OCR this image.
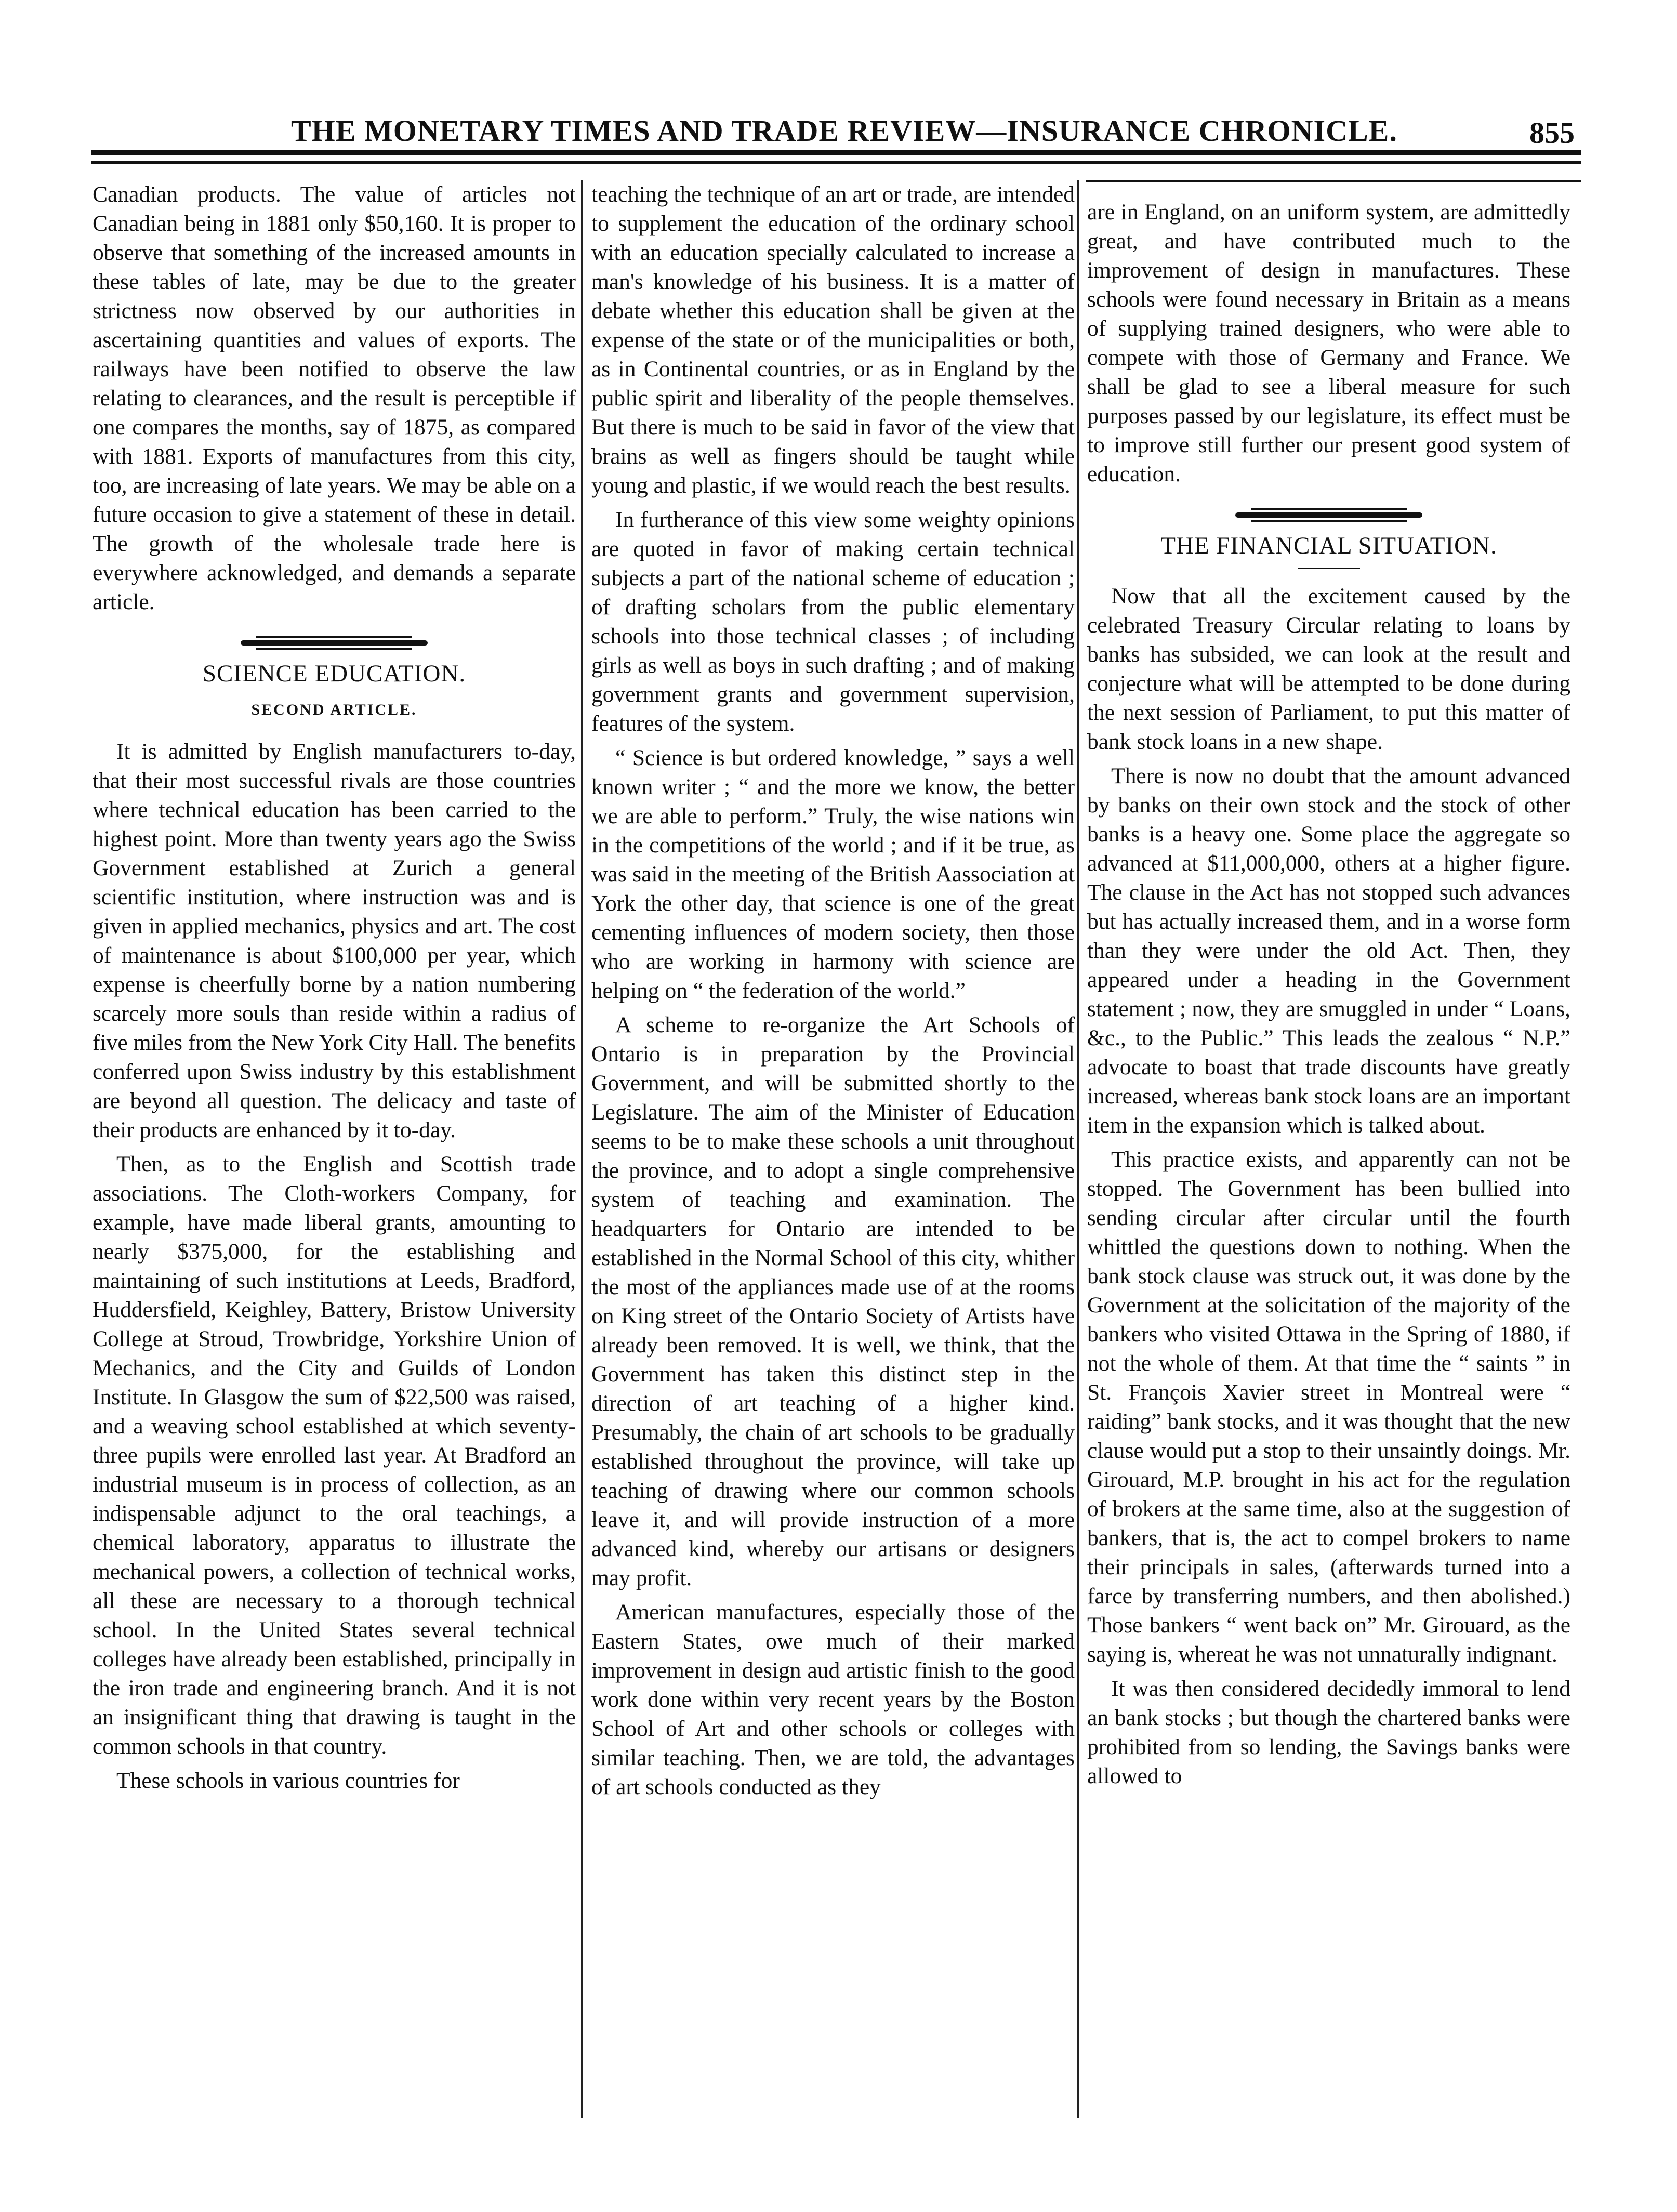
THE MONETARY TIMES AND TRADE REVIEW—INSURANCE CHRONICLE.	855

Canadian products. The value of articles not Canadian being in 1881 only $50,160. It is proper to observe that something of the increased amounts in these tables of late, may be due to the greater strictness now observed by our authorities in ascertaining quantities and values of exports. The railways have been notified to observe the law relating to clearances, and the result is perceptible if one compares the months, say of 1875, as compared with 1881. Exports of manufactures from this city, too, are increasing of late years. We may be able on a future occasion to give a statement of these in detail. The growth of the wholesale trade here is everywhere acknowledged, and demands a separate article.

SCIENCE EDUCATION.
SECOND ARTICLE.

It is admitted by English manufacturers to-day, that their most successful rivals are those countries where technical education has been carried to the highest point. More than twenty years ago the Swiss Government established at Zurich a general scientific institution, where instruction was and is given in applied mechanics, physics and art. The cost of maintenance is about $100,000 per year, which expense is cheerfully borne by a nation numbering scarcely more souls than reside within a radius of five miles from the New York City Hall. The benefits conferred upon Swiss industry by this establishment are beyond all question. The delicacy and taste of their products are enhanced by it to-day.

Then, as to the English and Scottish trade associations. The Cloth-workers Company, for example, have made liberal grants, amounting to nearly $375,000, for the establishing and maintaining of such institutions at Leeds, Bradford, Huddersfield, Keighley, Battery, Bristow University College at Stroud, Trowbridge, Yorkshire Union of Mechanics, and the City and Guilds of London Institute. In Glasgow the sum of $22,500 was raised, and a weaving school established at which seventy-three pupils were enrolled last year. At Bradford an industrial museum is in process of collection, as an indispensable adjunct to the oral teachings, a chemical laboratory, apparatus to illustrate the mechanical powers, a collection of technical works, all these are necessary to a thorough technical school. In the United States several technical colleges have already been established, principally in the iron trade and engineering branch. And it is not an insignificant thing that drawing is taught in the common schools in that country.

These schools in various countries for

teaching the technique of an art or trade, are intended to supplement the education of the ordinary school with an education specially calculated to increase a man's knowledge of his business. It is a matter of debate whether this education shall be given at the expense of the state or of the municipalities or both, as in Continental countries, or as in England by the public spirit and liberality of the people themselves. But there is much to be said in favor of the view that brains as well as fingers should be taught while young and plastic, if we would reach the best results.

In furtherance of this view some weighty opinions are quoted in favor of making certain technical subjects a part of the national scheme of education ; of drafting scholars from the public elementary schools into those technical classes ; of including girls as well as boys in such drafting ; and of making government grants and government supervision, features of the system.

“ Science is but ordered knowledge, ” says a well known writer ; “ and the more we know, the better we are able to perform.” Truly, the wise nations win in the competitions of the world ; and if it be true, as was said in the meeting of the British Aassociation at York the other day, that science is one of the great cementing influences of modern society, then those who are working in harmony with science are helping on “ the federation of the world.”

A scheme to re-organize the Art Schools of Ontario is in preparation by the Provincial Government, and will be submitted shortly to the Legislature. The aim of the Minister of Education seems to be to make these schools a unit throughout the province, and to adopt a single comprehensive system of teaching and examination. The headquarters for Ontario are intended to be established in the Normal School of this city, whither the most of the appliances made use of at the rooms on King street of the Ontario Society of Artists have already been removed. It is well, we think, that the Government has taken this distinct step in the direction of art teaching of a higher kind. Presumably, the chain of art schools to be gradually established throughout the province, will take up teaching of drawing where our common schools leave it, and will provide instruction of a more advanced kind, whereby our artisans or designers may profit.

American manufactures, especially those of the Eastern States, owe much of their marked improvement in design aud artistic finish to the good work done within very recent years by the Boston School of Art and other schools or colleges with similar teaching. Then, we are told, the advantages of art schools conducted as they

are in England, on an uniform system, are admittedly great, and have contributed much to the improvement of design in manufactures. These schools were found necessary in Britain as a means of supplying trained designers, who were able to compete with those of Germany and France. We shall be glad to see a liberal measure for such purposes passed by our legislature, its effect must be to improve still further our present good system of education.

THE FINANCIAL SITUATION.

Now that all the excitement caused by the celebrated Treasury Circular relating to loans by banks has subsided, we can look at the result and conjecture what will be attempted to be done during the next session of Parliament, to put this matter of bank stock loans in a new shape.

There is now no doubt that the amount advanced by banks on their own stock and the stock of other banks is a heavy one. Some place the aggregate so advanced at $11,000,000, others at a higher figure. The clause in the Act has not stopped such advances but has actually increased them, and in a worse form than they were under the old Act. Then, they appeared under a heading in the Government statement ; now, they are smuggled in under “ Loans, &c., to the Public.” This leads the zealous “ N.P.” advocate to boast that trade discounts have greatly increased, whereas bank stock loans are an important item in the expansion which is talked about.

This practice exists, and apparently can not be stopped. The Government has been bullied into sending circular after circular until the fourth whittled the questions down to nothing. When the bank stock clause was struck out, it was done by the Government at the solicitation of the majority of the bankers who visited Ottawa in the Spring of 1880, if not the whole of them. At that time the “ saints ” in St. François Xavier street in Montreal were “ raiding” bank stocks, and it was thought that the new clause would put a stop to their unsaintly doings. Mr. Girouard, M.P. brought in his act for the regulation of brokers at the same time, also at the suggestion of bankers, that is, the act to compel brokers to name their principals in sales, (afterwards turned into a farce by transferring numbers, and then abolished.) Those bankers “ went back on” Mr. Girouard, as the saying is, whereat he was not unnaturally indignant.

It was then considered decidedly immoral to lend an bank stocks ; but though the chartered banks were prohibited from so lending, the Savings banks were allowed to
